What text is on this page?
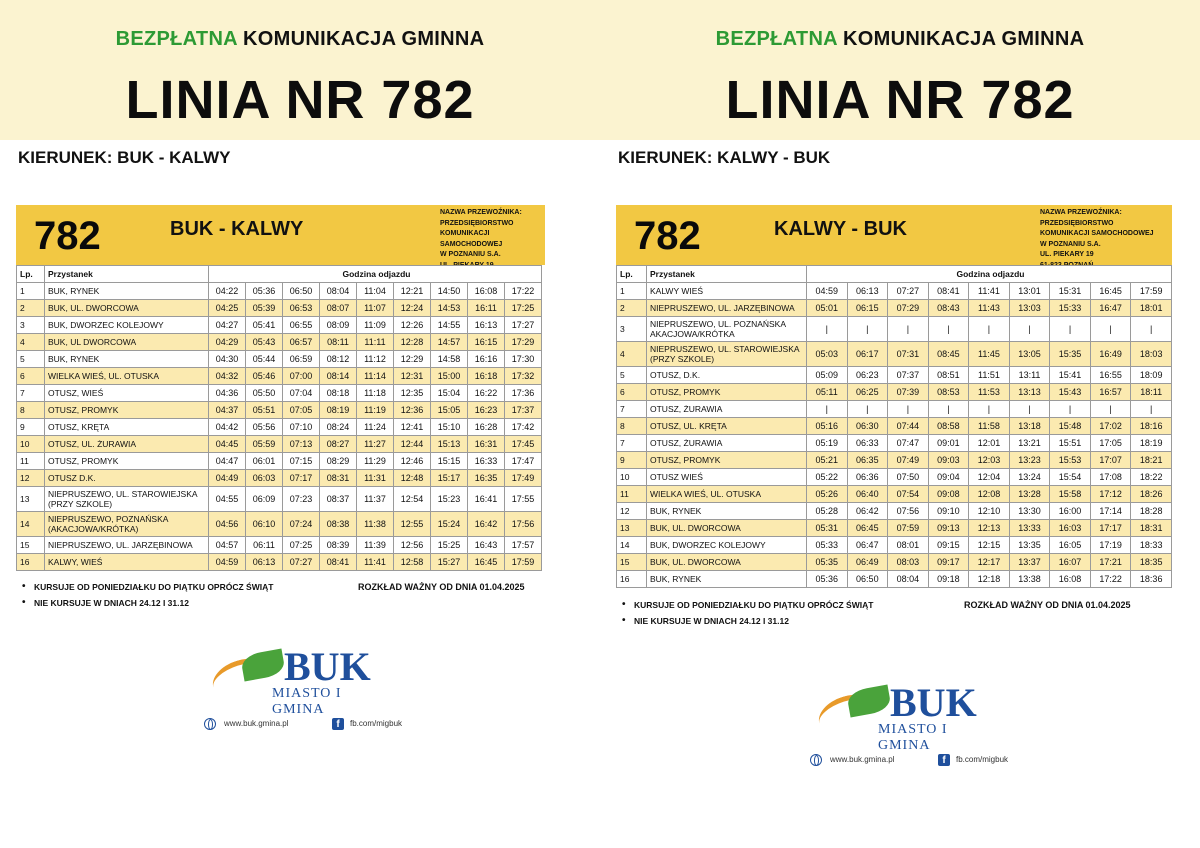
BEZPŁATNA KOMUNIKACJA GMINNA
LINIA NR 782
KIERUNEK: BUK - KALWY
782	BUK - KALWY
NAZWA PRZEWOŹNIKA:
PRZEDSIĘBIORSTWO
KOMUNIKACJI SAMOCHODOWEJ
W POZNANIU S.A.
Lp.	Przystanek	Godzina odjazdu								
1	BUK, RYNEK	04:22	05:36	06:50	08:04	11:04	12:21	14:50	16:08	17:22
2	BUK, UL. DWORCOWA	04:25	05:39	06:53	08:07	11:07	12:24	14:53	16:11	17:25
3	BUK, DWORZEC KOLEJOWY	04:27	05:41	06:55	08:09	11:09	12:26	14:55	16:13	17:27
4	BUK, UL DWORCOWA	04:29	05:43	06:57	08:11	11:11	12:28	14:57	16:15	17:29
5	BUK, RYNEK	04:30	05:44	06:59	08:12	11:12	12:29	14:58	16:16	17:30
6	WIELKA WIEŚ, UL. OTUSKA	04:32	05:46	07:00	08:14	11:14	12:31	15:00	16:18	17:32
7	OTUSZ, WIEŚ	04:36	05:50	07:04	08:18	11:18	12:35	15:04	16:22	17:36
8	OTUSZ, PROMYK	04:37	05:51	07:05	08:19	11:19	12:36	15:05	16:23	17:37
9	OTUSZ, KRĘTA	04:42	05:56	07:10	08:24	11:24	12:41	15:10	16:28	17:42
10	OTUSZ, UL. ŻURAWIA	04:45	05:59	07:13	08:27	11:27	12:44	15:13	16:31	17:45
11	OTUSZ, PROMYK	04:47	06:01	07:15	08:29	11:29	12:46	15:15	16:33	17:47
12	OTUSZ D.K.	04:49	06:03	07:17	08:31	11:31	12:48	15:17	16:35	17:49
13	NIEPRUSZEWO, UL. STAROWIEJSKA (PRZY SZKOLE)	04:55	06:09	07:23	08:37	11:37	12:54	15:23	16:41	17:55
14	NIEPRUSZEWO, POZNAŃSKA (AKACJOWA/KRÓTKA)	04:56	06:10	07:24	08:38	11:38	12:55	15:24	16:42	17:56
15	NIEPRUSZEWO, UL. JARZĘBINOWA	04:57	06:11	07:25	08:39	11:39	12:56	15:25	16:43	17:57
16	KALWY, WIEŚ	04:59	06:13	07:27	08:41	11:41	12:58	15:27	16:45	17:59
• KURSUJE OD PONIEDZIAŁKU DO PIĄTKU OPRÓCZ ŚWIĄT
• NIE KURSUJE W DNIACH 24.12 I 31.12
ROZKŁAD WAŻNY OD DNIA 01.04.2025
BUK
MIASTO I GMINA
www.buk.gmina.pl	f	fb.com/migbuk
BEZPŁATNA KOMUNIKACJA GMINNA
LINIA NR 782
KIERUNEK: KALWY - BUK
782	KALWY - BUK
NAZWA PRZEWOŹNIKA:
PRZEDSIĘBIORSTWO
KOMUNIKACJI SAMOCHODOWEJ
W POZNANIU S.A.
UL. PIEKARY 19
Lp.	Przystanek	Godzina odjazdu								
1	KALWY WIEŚ	04:59	06:13	07:27	08:41	11:41	13:01	15:31	16:45	17:59
2	NIEPRUSZEWO, UL. JARZĘBINOWA	05:01	06:15	07:29	08:43	11:43	13:03	15:33	16:47	18:01
3	NIEPRUSZEWO, UL. POZNAŃSKA AKACJOWA/KRÓTKA	|	|	|	|	|	|	|	|	|
4	NIEPRUSZEWO, UL. STAROWIEJSKA (PRZY SZKOLE)	05:03	06:17	07:31	08:45	11:45	13:05	15:35	16:49	18:03
5	OTUSZ, D.K.	05:09	06:23	07:37	08:51	11:51	13:11	15:41	16:55	18:09
6	OTUSZ, PROMYK	05:11	06:25	07:39	08:53	11:53	13:13	15:43	16:57	18:11
7	OTUSZ, ŻURAWIA	|	|	|	|	|	|	|	|	|
8	OTUSZ, UL. KRĘTA	05:16	06:30	07:44	08:58	11:58	13:18	15:48	17:02	18:16
7	OTUSZ, ŻURAWIA	05:19	06:33	07:47	09:01	12:01	13:21	15:51	17:05	18:19
9	OTUSZ, PROMYK	05:21	06:35	07:49	09:03	12:03	13:23	15:53	17:07	18:21
10	OTUSZ WIEŚ	05:22	06:36	07:50	09:04	12:04	13:24	15:54	17:08	18:22
11	WIELKA WIEŚ, UL. OTUSKA	05:26	06:40	07:54	09:08	12:08	13:28	15:58	17:12	18:26
12	BUK, RYNEK	05:28	06:42	07:56	09:10	12:10	13:30	16:00	17:14	18:28
13	BUK, UL. DWORCOWA	05:31	06:45	07:59	09:13	12:13	13:33	16:03	17:17	18:31
14	BUK, DWORZEC KOLEJOWY	05:33	06:47	08:01	09:15	12:15	13:35	16:05	17:19	18:33
15	BUK, UL. DWORCOWA	05:35	06:49	08:03	09:17	12:17	13:37	16:07	17:21	18:35
16	BUK, RYNEK	05:36	06:50	08:04	09:18	12:18	13:38	16:08	17:22	18:36
• KURSUJE OD PONIEDZIAŁKU DO PIĄTKU OPRÓCZ ŚWIĄT
• NIE KURSUJE W DNIACH 24.12 I 31.12
ROZKŁAD WAŻNY OD DNIA 01.04.2025
BUK
MIASTO I GMINA
www.buk.gmina.pl	f	fb.com/migbuk
